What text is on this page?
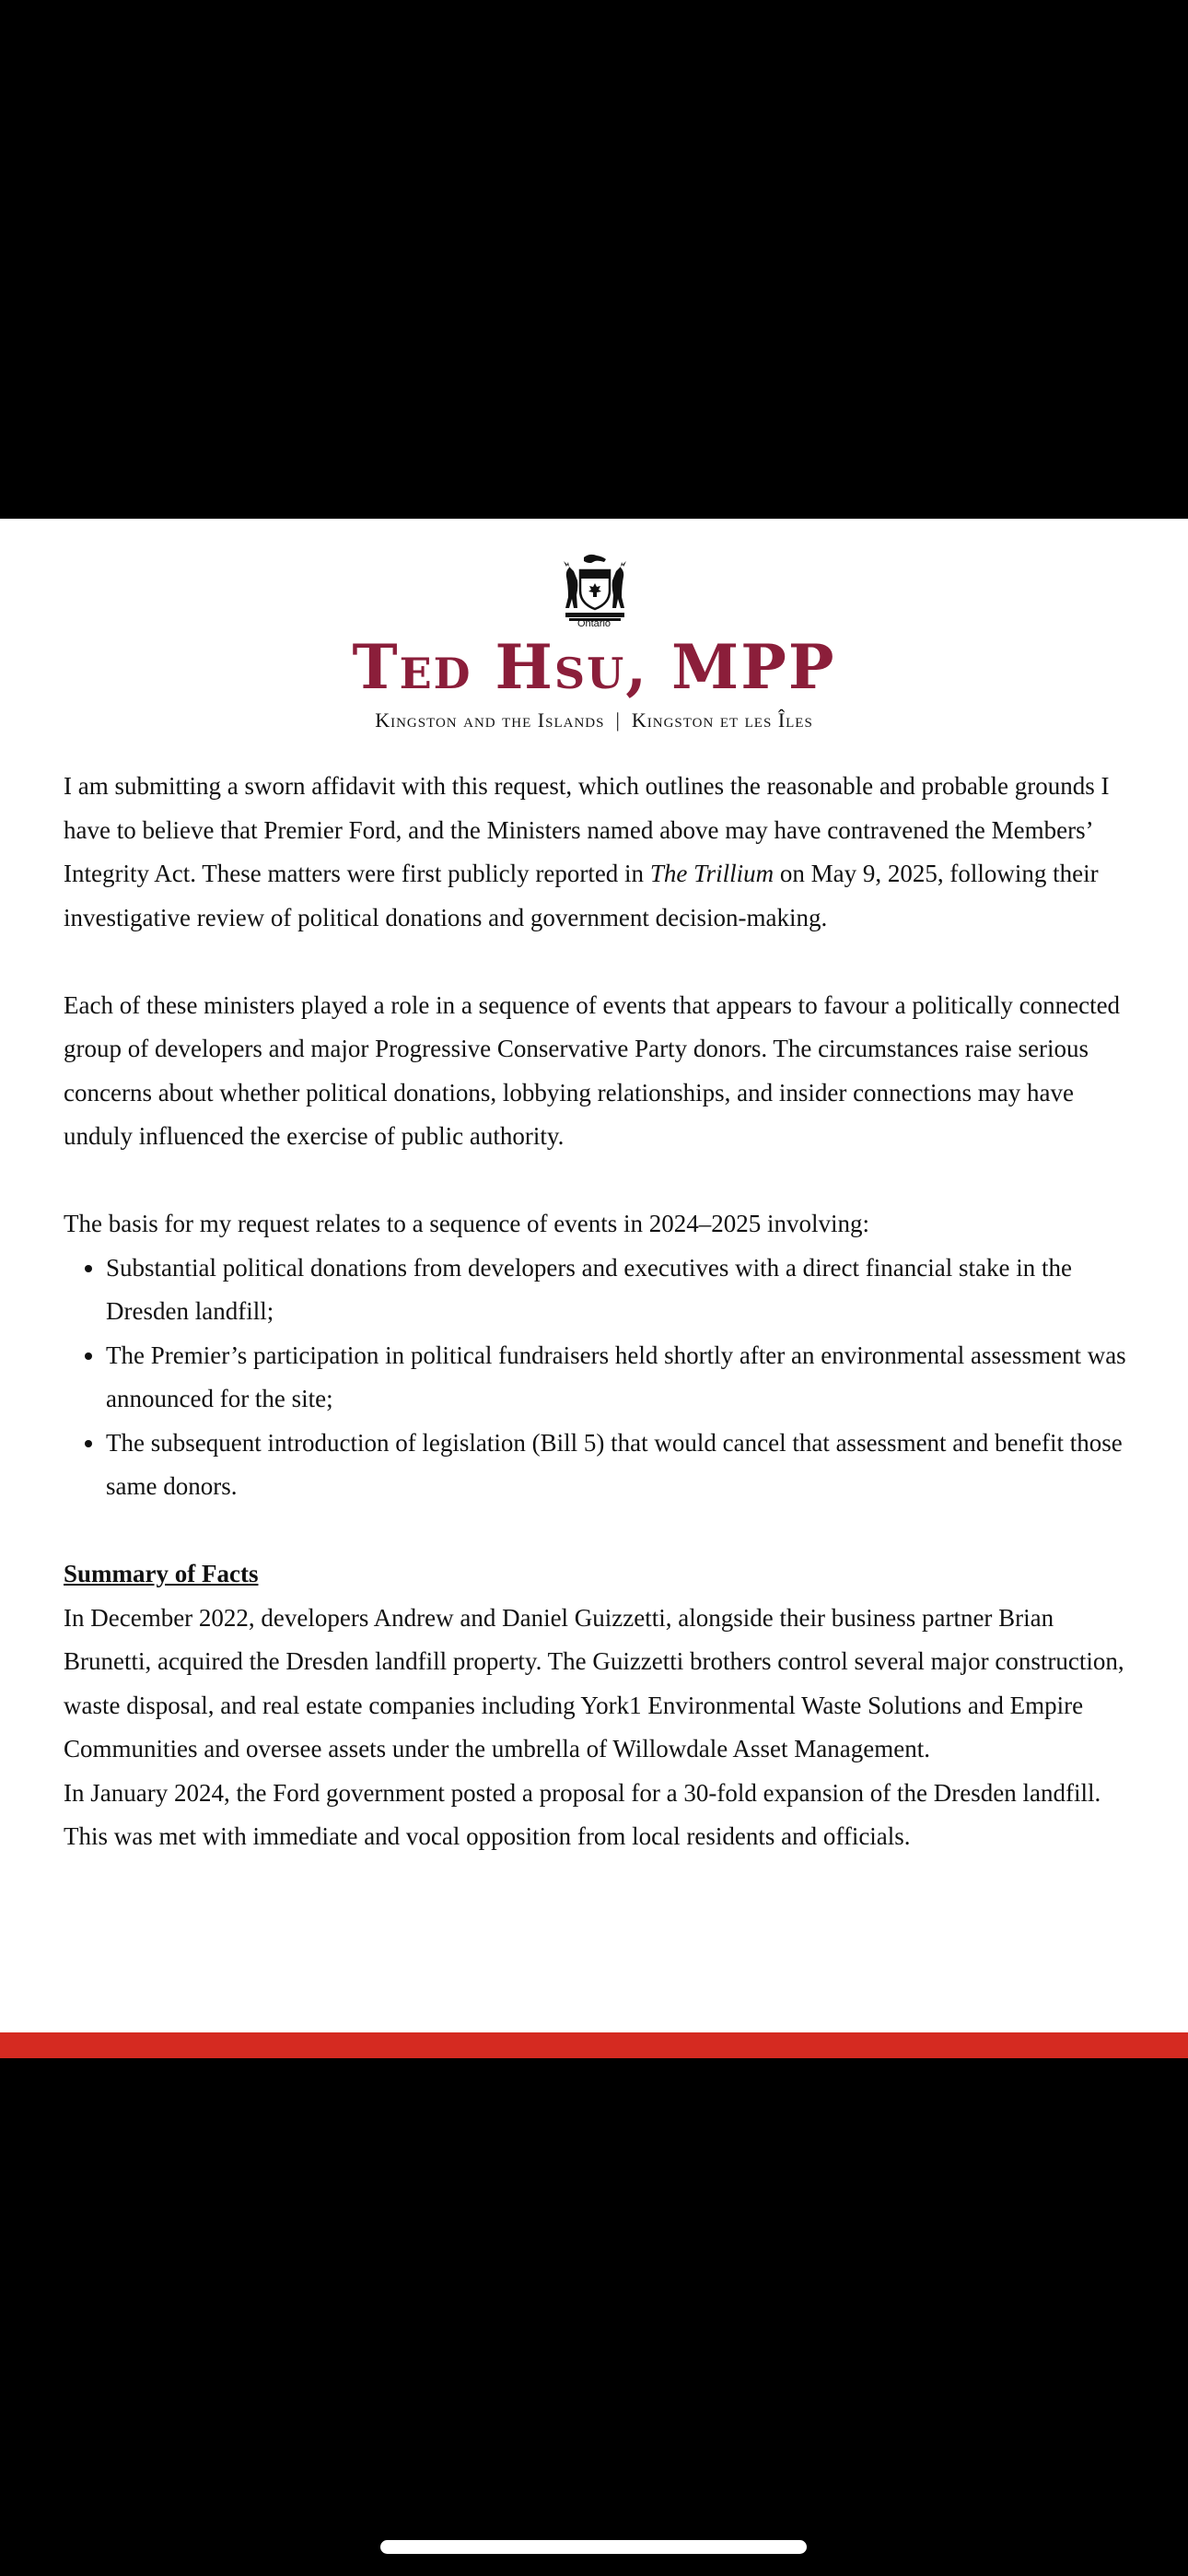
Ontario
Ted Hsu, MPP
Kingston and the Islands | Kingston et les Îles

I am submitting a sworn affidavit with this request, which outlines the reasonable and probable grounds I have to believe that Premier Ford, and the Ministers named above may have contravened the Members’ Integrity Act. These matters were first publicly reported in The Trillium on May 9, 2025, following their investigative review of political donations and government decision-making.

Each of these ministers played a role in a sequence of events that appears to favour a politically connected group of developers and major Progressive Conservative Party donors. The circumstances raise serious concerns about whether political donations, lobbying relationships, and insider connections may have unduly influenced the exercise of public authority.

The basis for my request relates to a sequence of events in 2024–2025 involving:

• Substantial political donations from developers and executives with a direct financial stake in the Dresden landfill;
• The Premier’s participation in political fundraisers held shortly after an environmental assessment was announced for the site;
• The subsequent introduction of legislation (Bill 5) that would cancel that assessment and benefit those same donors.

Summary of Facts

In December 2022, developers Andrew and Daniel Guizzetti, alongside their business partner Brian Brunetti, acquired the Dresden landfill property. The Guizzetti brothers control several major construction, waste disposal, and real estate companies including York1 Environmental Waste Solutions and Empire Communities and oversee assets under the umbrella of Willowdale Asset Management.

In January 2024, the Ford government posted a proposal for a 30-fold expansion of the Dresden landfill. This was met with immediate and vocal opposition from local residents and officials.
